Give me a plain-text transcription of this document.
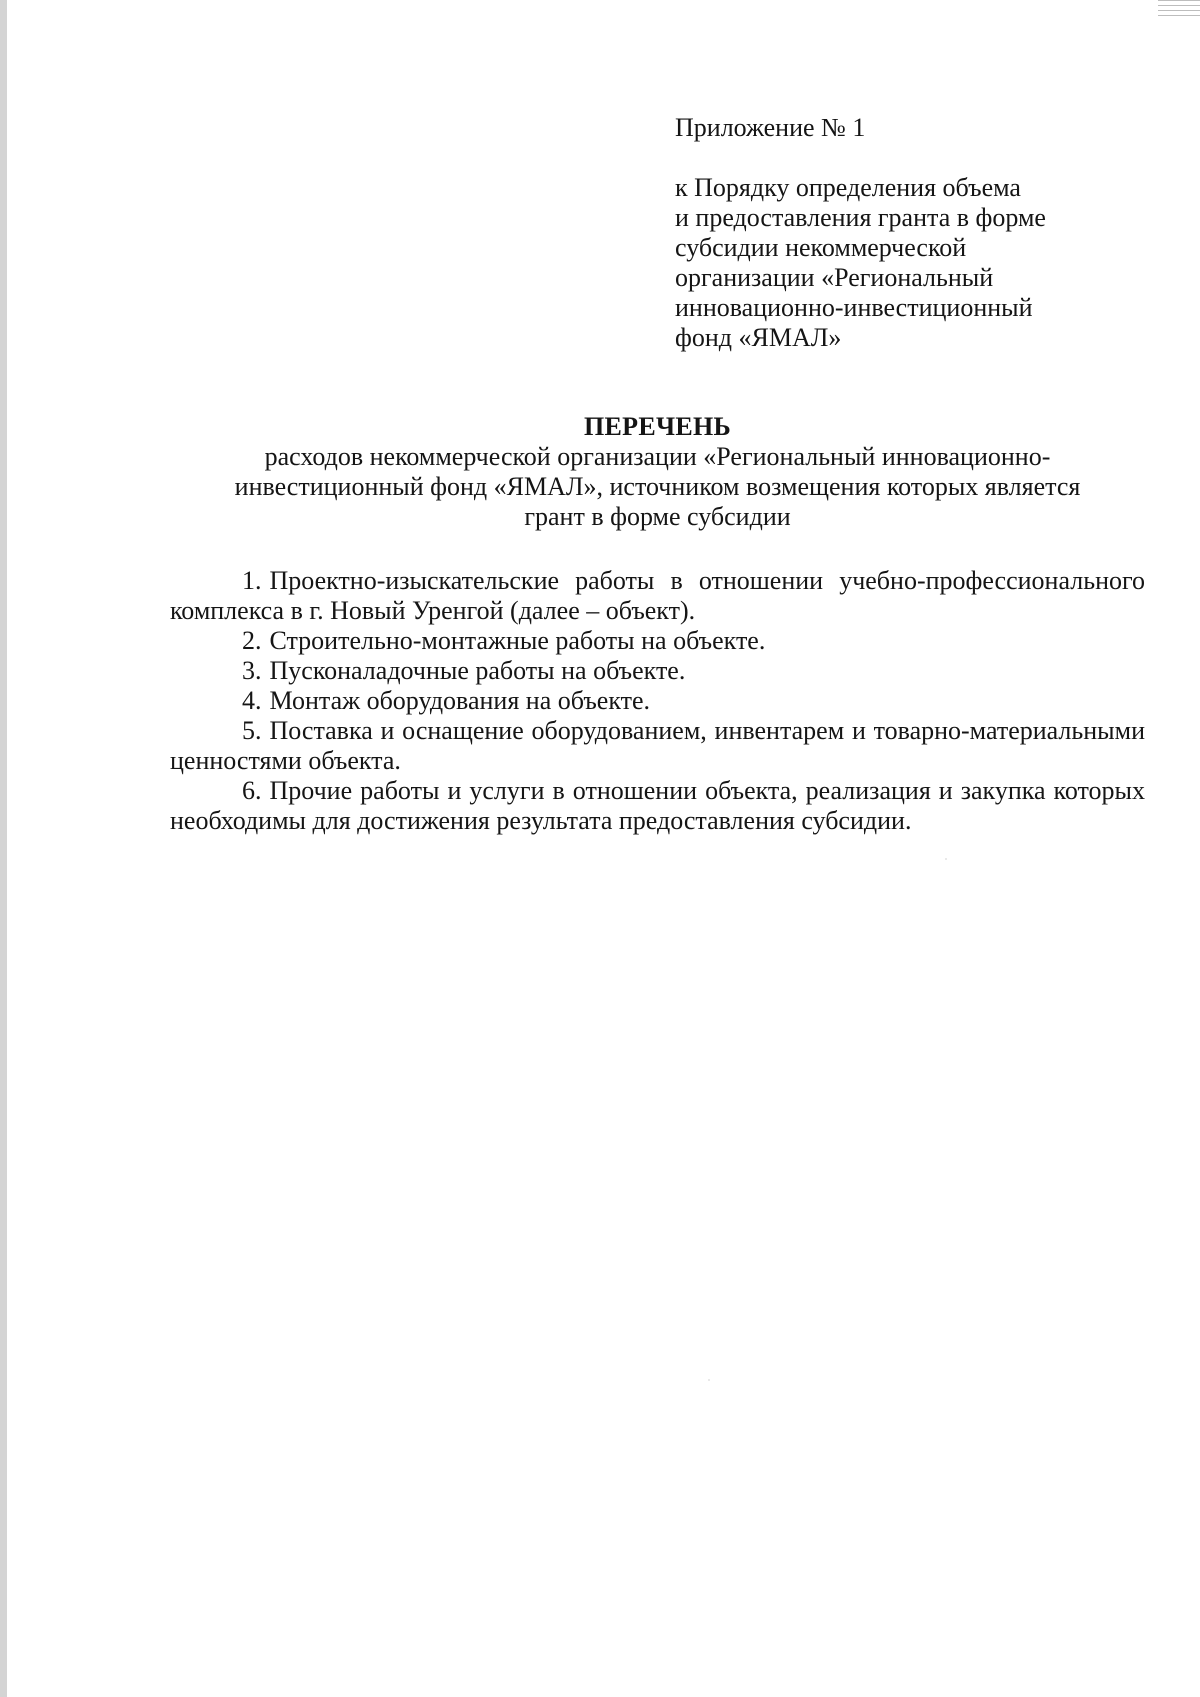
Приложение № 1

к Порядку определения объема
и предоставления гранта в форме
субсидии некоммерческой
организации «Региональный
инновационно-инвестиционный
фонд «ЯМАЛ»

ПЕРЕЧЕНЬ

расходов некоммерческой организации «Региональный инновационно-
инвестиционный фонд «ЯМАЛ», источником возмещения которых является
грант в форме субсидии

1. Проектно-изыскательские работы в отношении учебно-профессионального комплекса в г. Новый Уренгой (далее – объект).

2. Строительно-монтажные работы на объекте.

3. Пусконаладочные работы на объекте.

4. Монтаж оборудования на объекте.

5. Поставка и оснащение оборудованием, инвентарем и товарно-материальными ценностями объекта.

6. Прочие работы и услуги в отношении объекта, реализация и закупка которых необходимы для достижения результата предоставления субсидии.
